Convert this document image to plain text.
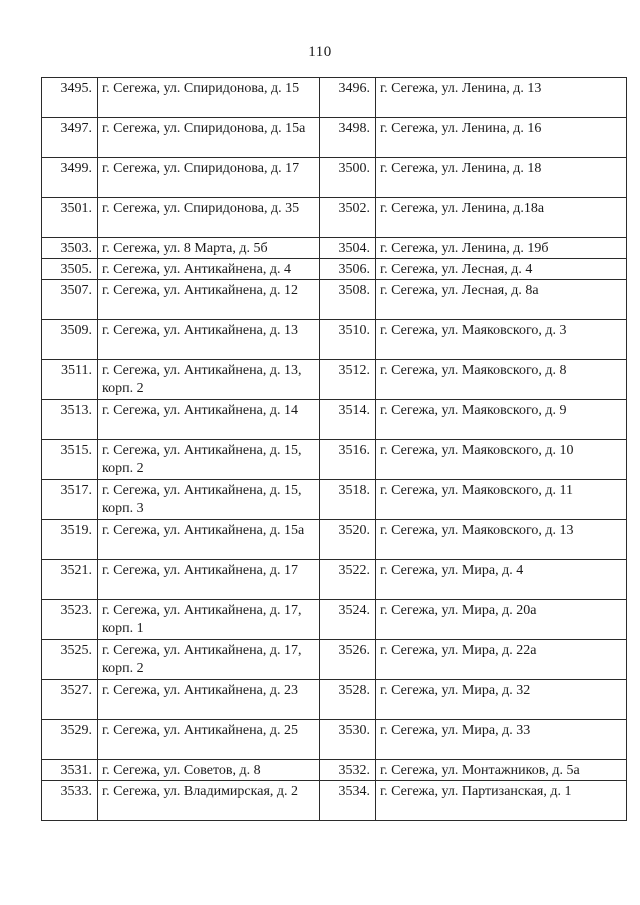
110
3495.	г. Сегежа, ул. Спиридонова, д. 15	3496.	г. Сегежа, ул. Ленина, д. 13
3497.	г. Сегежа, ул. Спиридонова, д. 15а	3498.	г. Сегежа, ул. Ленина, д. 16
3499.	г. Сегежа, ул. Спиридонова, д. 17	3500.	г. Сегежа, ул. Ленина, д. 18
3501.	г. Сегежа, ул. Спиридонова, д. 35	3502.	г. Сегежа, ул. Ленина, д.18а
3503.	г. Сегежа, ул. 8 Марта, д. 5б	3504.	г. Сегежа, ул. Ленина, д. 19б
3505.	г. Сегежа, ул. Антикайнена, д. 4	3506.	г. Сегежа, ул. Лесная, д. 4
3507.	г. Сегежа, ул. Антикайнена, д. 12	3508.	г. Сегежа, ул. Лесная, д. 8а
3509.	г. Сегежа, ул. Антикайнена, д. 13	3510.	г. Сегежа, ул. Маяковского, д. 3
3511.	г. Сегежа, ул. Антикайнена, д. 13, корп. 2	3512.	г. Сегежа, ул. Маяковского, д. 8
3513.	г. Сегежа, ул. Антикайнена, д. 14	3514.	г. Сегежа, ул. Маяковского, д. 9
3515.	г. Сегежа, ул. Антикайнена, д. 15, корп. 2	3516.	г. Сегежа, ул. Маяковского, д. 10
3517.	г. Сегежа, ул. Антикайнена, д. 15, корп. 3	3518.	г. Сегежа, ул. Маяковского, д. 11
3519.	г. Сегежа, ул. Антикайнена, д. 15а	3520.	г. Сегежа, ул. Маяковского, д. 13
3521.	г. Сегежа, ул. Антикайнена, д. 17	3522.	г. Сегежа, ул. Мира, д. 4
3523.	г. Сегежа, ул. Антикайнена, д. 17, корп. 1	3524.	г. Сегежа, ул. Мира, д. 20а
3525.	г. Сегежа, ул. Антикайнена, д. 17, корп. 2	3526.	г. Сегежа, ул. Мира, д. 22а
3527.	г. Сегежа, ул. Антикайнена, д. 23	3528.	г. Сегежа, ул. Мира, д. 32
3529.	г. Сегежа, ул. Антикайнена, д. 25	3530.	г. Сегежа, ул. Мира, д. 33
3531.	г. Сегежа, ул. Советов, д. 8	3532.	г. Сегежа, ул. Монтажников, д. 5а
3533.	г. Сегежа, ул. Владимирская, д. 2	3534.	г. Сегежа, ул. Партизанская, д. 1
